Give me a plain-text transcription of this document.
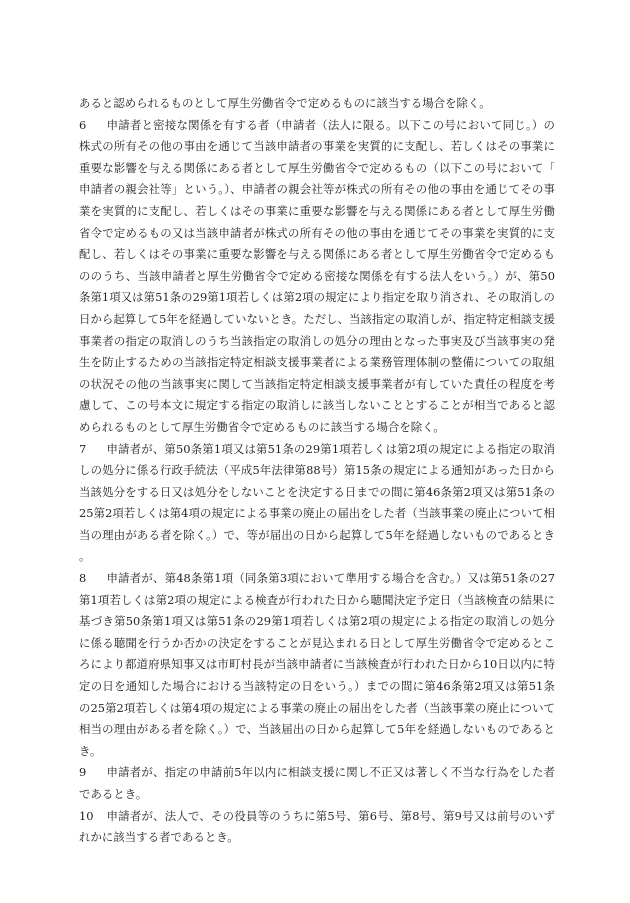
あると認められるものとして厚生労働省令で定めるものに該当する場合を除く。

6 申請者と密接な関係を有する者（申請者（法人に限る。以下この号において同じ。）の株式の所有その他の事由を通じて当該申請者の事業を実質的に支配し、若しくはその事業に重要な影響を与える関係にある者として厚生労働省令で定めるもの（以下この号において「申請者の親会社等」という。）、申請者の親会社等が株式の所有その他の事由を通じてその事業を実質的に支配し、若しくはその事業に重要な影響を与える関係にある者として厚生労働省令で定めるもの又は当該申請者が株式の所有その他の事由を通じてその事業を実質的に支配し、若しくはその事業に重要な影響を与える関係にある者として厚生労働省令で定めるもののうち、当該申請者と厚生労働省令で定める密接な関係を有する法人をいう。）が、第50条第1項又は第51条の29第1項若しくは第2項の規定により指定を取り消され、その取消しの日から起算して5年を経過していないとき。ただし、当該指定の取消しが、指定特定相談支援事業者の指定の取消しのうち当該指定の取消しの処分の理由となった事実及び当該事実の発生を防止するための当該指定特定相談支援事業者による業務管理体制の整備についての取組の状況その他の当該事実に関して当該指定特定相談支援事業者が有していた責任の程度を考慮して、この号本文に規定する指定の取消しに該当しないこととすることが相当であると認められるものとして厚生労働省令で定めるものに該当する場合を除く。

7 申請者が、第50条第1項又は第51条の29第1項若しくは第2項の規定による指定の取消しの処分に係る行政手続法（平成5年法律第88号）第15条の規定による通知があった日から当該処分をする日又は処分をしないことを決定する日までの間に第46条第2項又は第51条の25第2項若しくは第4項の規定による事業の廃止の届出をした者（当該事業の廃止について相当の理由がある者を除く。）で、等が届出の日から起算して5年を経過しないものであるとき。

8 申請者が、第48条第1項（同条第3項において準用する場合を含む。）又は第51条の27第1項若しくは第2項の規定による検査が行われた日から聴聞決定予定日（当該検査の結果に基づき第50条第1項又は第51条の29第1項若しくは第2項の規定による指定の取消しの処分に係る聴聞を行うか否かの決定をすることが見込まれる日として厚生労働省令で定めるところにより都道府県知事又は市町村長が当該申請者に当該検査が行われた日から10日以内に特定の日を通知した場合における当該特定の日をいう。）までの間に第46条第2項又は第51条の25第2項若しくは第4項の規定による事業の廃止の届出をした者（当該事業の廃止について相当の理由がある者を除く。）で、当該届出の日から起算して5年を経過しないものであるとき。

9 申請者が、指定の申請前5年以内に相談支援に関し不正又は著しく不当な行為をした者であるとき。

10 申請者が、法人で、その役員等のうちに第5号、第6号、第8号、第9号又は前号のいずれかに該当する者であるとき。
